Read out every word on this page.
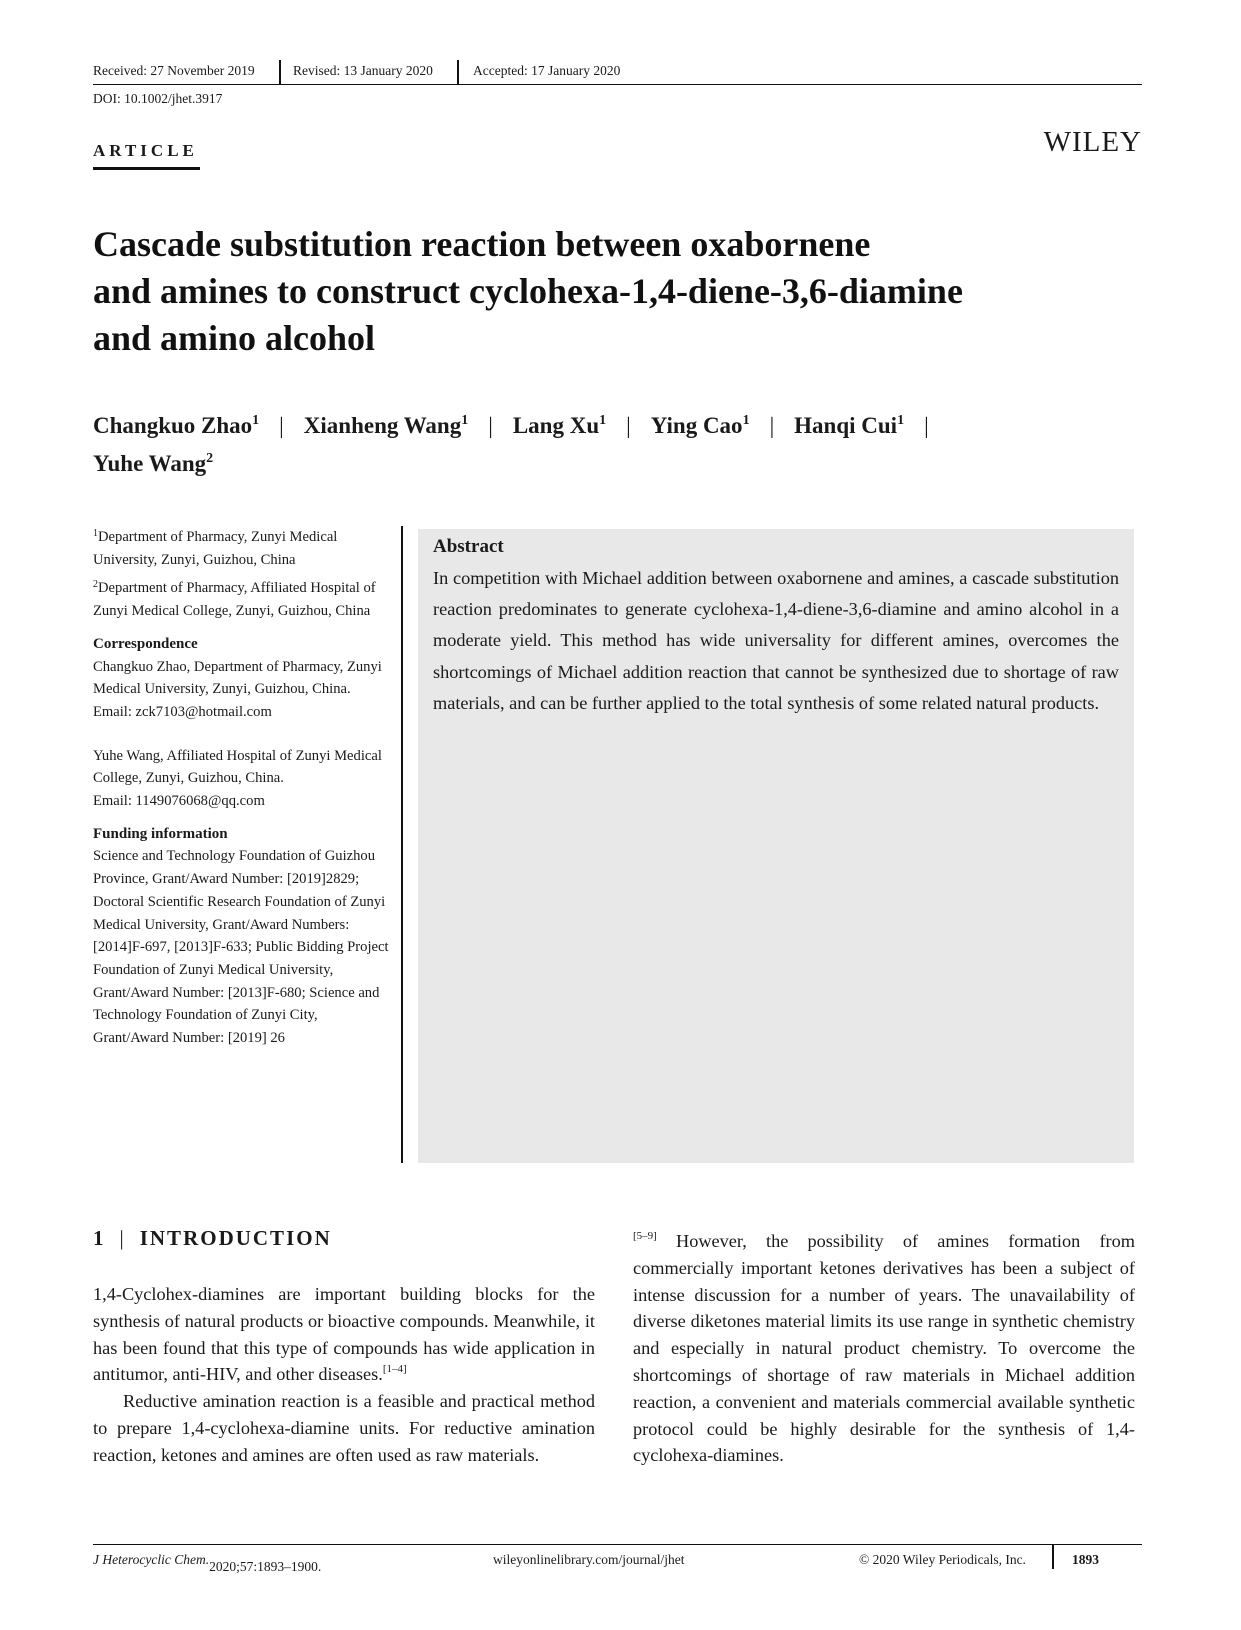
Received: 27 November 2019	Revised: 13 January 2020	Accepted: 17 January 2020
DOI: 10.1002/jhet.3917
ARTICLE	WILEY
Cascade substitution reaction between oxabornene
and amines to construct cyclohexa-1,4-diene-3,6-diamine
and amino alcohol
Changkuo Zhao$^1$ | Xianheng Wang$^1$ | Lang Xu$^1$ | Ying Cao$^1$ | Hanqi Cui$^1$ |
Yuhe Wang$^2$

$^1$Department of Pharmacy, Zunyi Medical University, Zunyi, Guizhou, China

$^2$Department of Pharmacy, Affiliated Hospital of Zunyi Medical College, Zunyi, Guizhou, China

Correspondence
Changkuo Zhao, Department of Pharmacy, Zunyi Medical University, Zunyi, Guizhou, China.
Email: zck7103@hotmail.com
Yuhe Wang, Affiliated Hospital of Zunyi Medical College, Zunyi, Guizhou, China.
Email: 1149076068@qq.com
Funding information
Science and Technology Foundation of Guizhou Province, Grant/Award Number: [2019]2829; Doctoral Scientific Research Foundation of Zunyi Medical University, Grant/Award Numbers: [2014]F-697, [2013]F-633; Public Bidding Project Foundation of Zunyi Medical University, Grant/Award Number: [2013]F-680; Science and Technology Foundation of Zunyi City, Grant/Award Number: [2019] 26
Abstract

In competition with Michael addition between oxabornene and amines, a cascade substitution reaction predominates to generate cyclohexa-1,4-diene-3,6-diamine and amino alcohol in a moderate yield. This method has wide universality for different amines, overcomes the shortcomings of Michael addition reaction that cannot be synthesized due to shortage of raw materials, and can be further applied to the total synthesis of some related natural products.

1 | INTRODUCTION

1,4-Cyclohex-diamines are important building blocks for the synthesis of natural products or bioactive compounds. Meanwhile, it has been found that this type of compounds has wide application in antitumor, anti-HIV, and other diseases.[1–4]

Reductive amination reaction is a feasible and practical method to prepare 1,4-cyclohexa-diamine units. For reductive amination reaction, ketones and amines are often used as raw materials.

[5–9] However, the possibility of amines formation from commercially important ketones derivatives has been a subject of intense discussion for a number of years. The unavailability of diverse diketones material limits its use range in synthetic chemistry and especially in natural product chemistry. To overcome the shortcomings of shortage of raw materials in Michael addition reaction, a convenient and materials commercial available synthetic protocol could be highly desirable for the synthesis of 1,4-cyclohexa-diamines.

J Heterocyclic Chem. 2020;57:1893–1900.	wileyonlinelibrary.com/journal/jhet	© 2020 Wiley Periodicals, Inc.	1893
